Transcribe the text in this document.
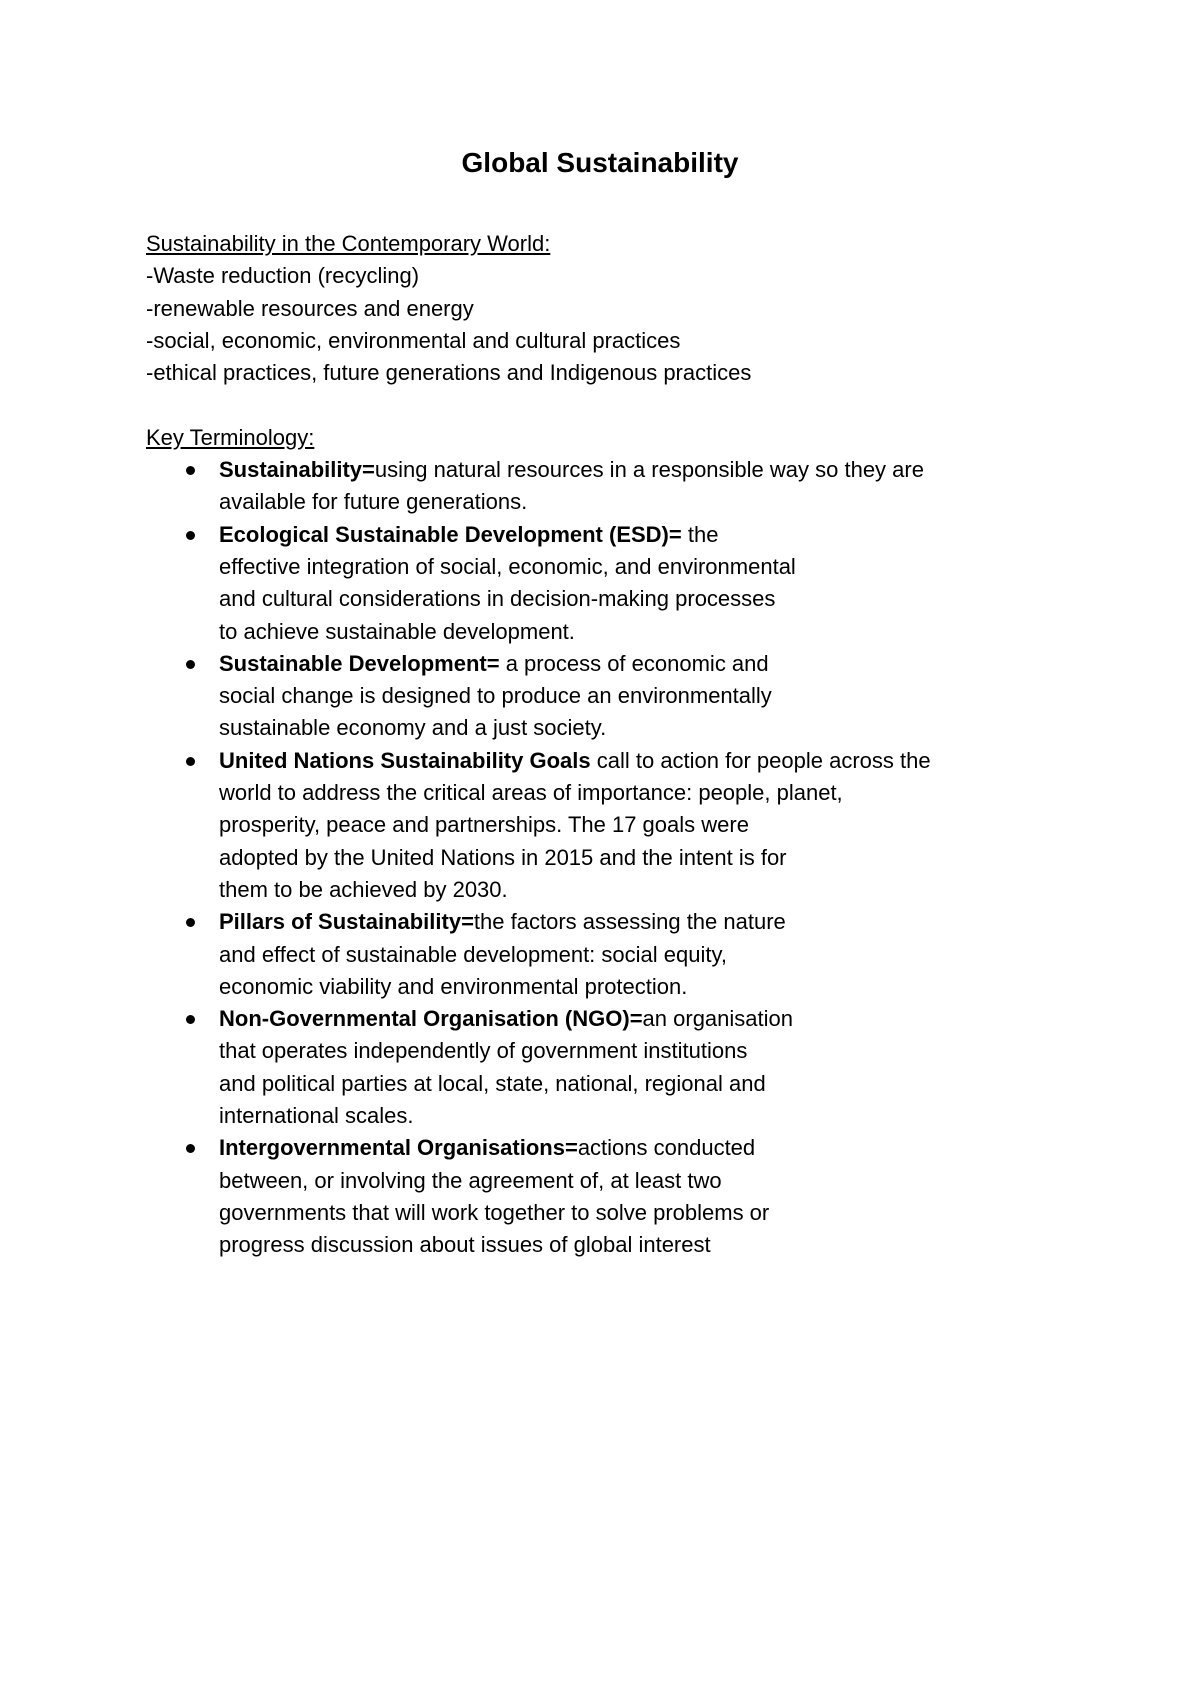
Global Sustainability

Sustainability in the Contemporary World:

-Waste reduction (recycling)

-renewable resources and energy

-social, economic, environmental and cultural practices

-ethical practices, future generations and Indigenous practices

Key Terminology:

Sustainability=using natural resources in a responsible way so they are
available for future generations.
Ecological Sustainable Development (ESD)= the
effective integration of social, economic, and environmental
and cultural considerations in decision-making processes
to achieve sustainable development.
Sustainable Development= a process of economic and
social change is designed to produce an environmentally
sustainable economy and a just society.
United Nations Sustainability Goals call to action for people across the
world to address the critical areas of importance: people, planet,
prosperity, peace and partnerships. The 17 goals were
adopted by the United Nations in 2015 and the intent is for
them to be achieved by 2030.
Pillars of Sustainability=the factors assessing the nature
and effect of sustainable development: social equity,
economic viability and environmental protection.
Non-Governmental Organisation (NGO)=an organisation
that operates independently of government institutions
and political parties at local, state, national, regional and
international scales.
Intergovernmental Organisations=actions conducted
between, or involving the agreement of, at least two
governments that will work together to solve problems or
progress discussion about issues of global interest
